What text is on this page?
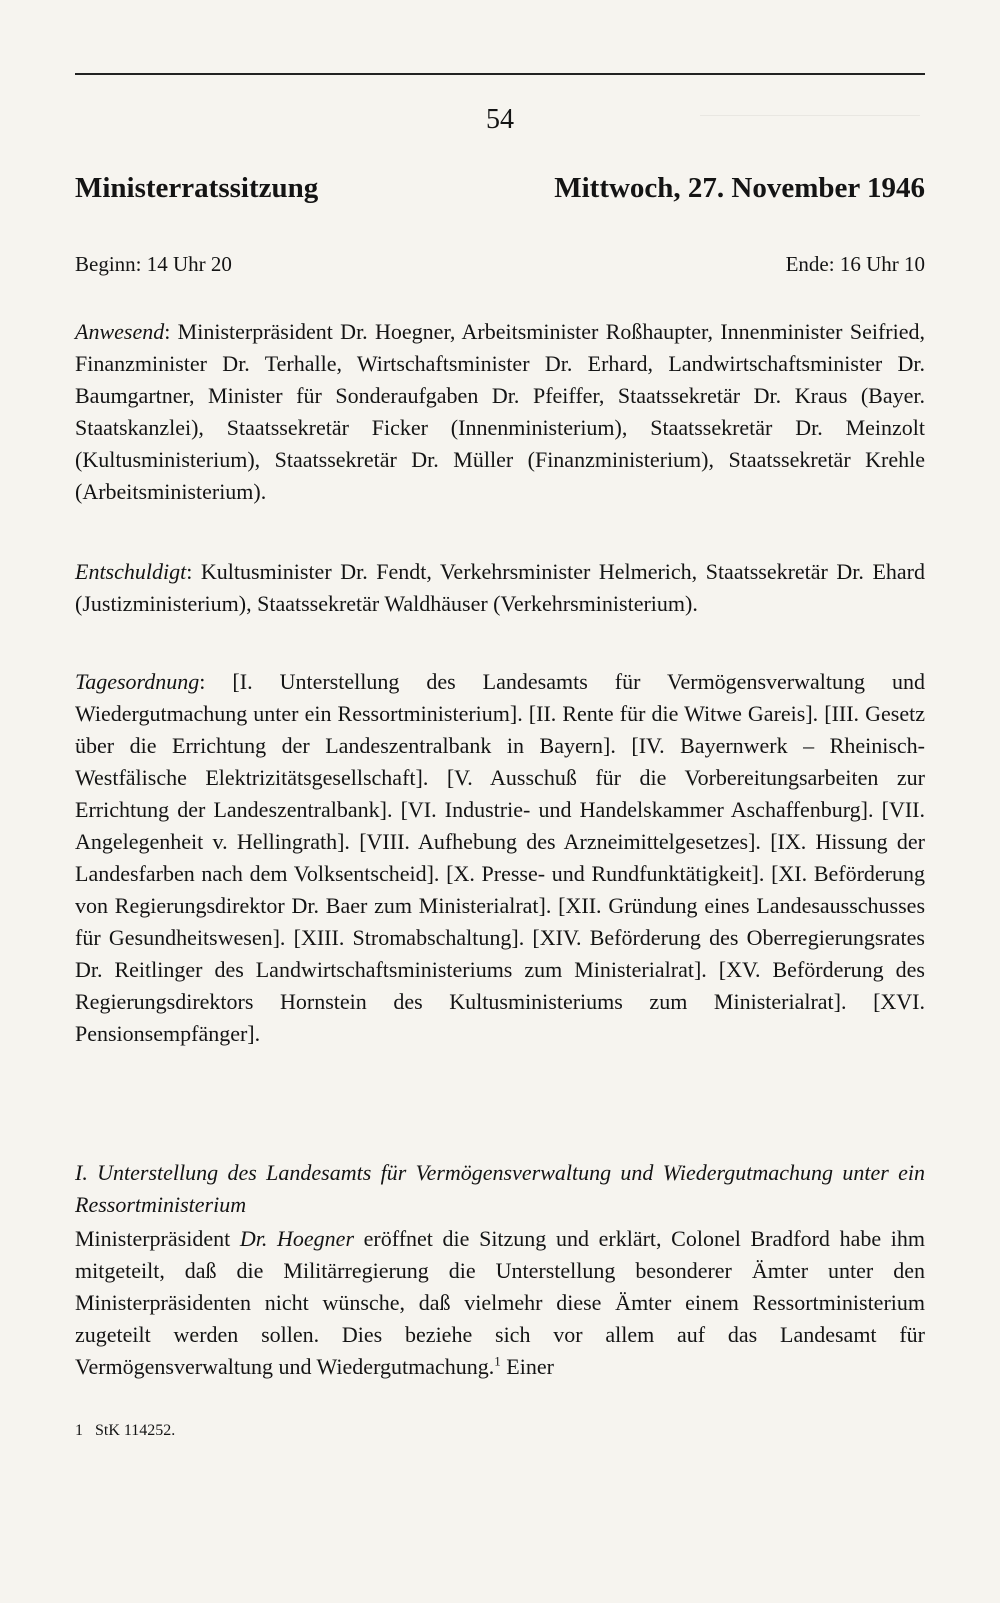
54
Ministerratssitzung	Mittwoch, 27. November 1946
Beginn: 14 Uhr 20	Ende: 16 Uhr 10

Anwesend: Ministerpräsident Dr. Hoegner, Arbeitsminister Roßhaupter, Innenminister Seifried, Finanzminister Dr. Terhalle, Wirtschaftsminister Dr. Erhard, Landwirtschaftsminister Dr. Baumgartner, Minister für Sonderaufgaben Dr. Pfeiffer, Staatssekretär Dr. Kraus (Bayer. Staatskanzlei), Staatssekretär Ficker (Innenministerium), Staatssekretär Dr. Meinzolt (Kultusministerium), Staatssekretär Dr. Müller (Finanzministerium), Staatssekretär Krehle (Arbeitsministerium).

Entschuldigt: Kultusminister Dr. Fendt, Verkehrsminister Helmerich, Staatssekretär Dr. Ehard (Justizministerium), Staatssekretär Waldhäuser (Verkehrsministerium).

Tagesordnung: [I. Unterstellung des Landesamts für Vermögensverwaltung und Wiedergutmachung unter ein Ressortministerium]. [II. Rente für die Witwe Gareis]. [III. Gesetz über die Errichtung der Landeszentralbank in Bayern]. [IV. Bayernwerk – Rheinisch-Westfälische Elektrizitätsgesellschaft]. [V. Ausschuß für die Vorbereitungsarbeiten zur Errichtung der Landeszentralbank]. [VI. Industrie- und Handelskammer Aschaffenburg]. [VII. Angelegenheit v. Hellingrath]. [VIII. Aufhebung des Arzneimittelgesetzes]. [IX. Hissung der Landesfarben nach dem Volksentscheid]. [X. Presse- und Rundfunktätigkeit]. [XI. Beförderung von Regierungsdirektor Dr. Baer zum Ministerialrat]. [XII. Gründung eines Landesausschusses für Gesundheitswesen]. [XIII. Stromabschaltung]. [XIV. Beförderung des Oberregierungsrates Dr. Reitlinger des Landwirtschaftsministeriums zum Ministerialrat]. [XV. Beförderung des Regierungsdirektors Hornstein des Kultusministeriums zum Ministerialrat]. [XVI. Pensionsempfänger].

I. Unterstellung des Landesamts für Vermögensverwaltung und Wiedergutmachung unter ein Ressortministerium

Ministerpräsident Dr. Hoegner eröffnet die Sitzung und erklärt, Colonel Bradford habe ihm mitgeteilt, daß die Militärregierung die Unterstellung besonderer Ämter unter den Ministerpräsidenten nicht wünsche, daß vielmehr diese Ämter einem Ressortministerium zugeteilt werden sollen. Dies beziehe sich vor allem auf das Landesamt für Vermögensverwaltung und Wiedergutmachung.$^1$ Einer

1 StK 114252.
